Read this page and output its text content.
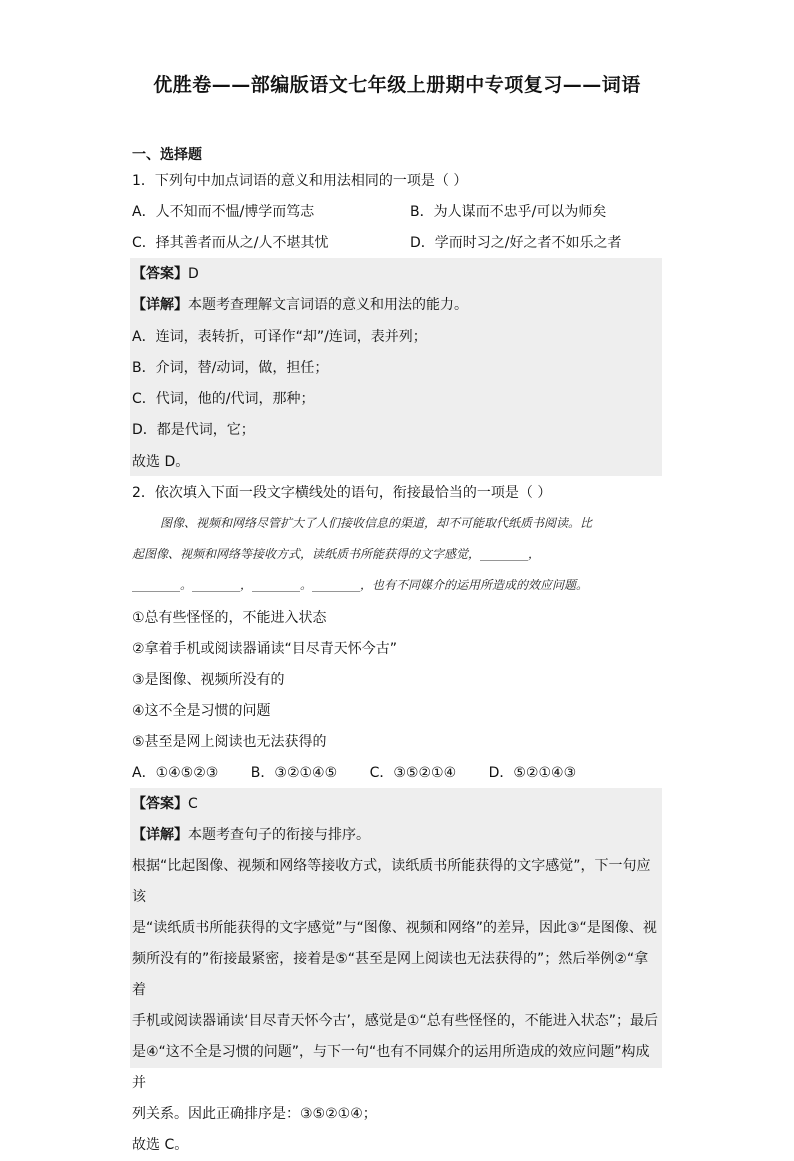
优胜卷——部编版语文七年级上册期中专项复习——词语
一、选择题
1．下列句中加点词语的意义和用法相同的一项是（ ）
A．人不知而不愠/博学而笃志	B．为人谋而不忠乎/可以为师矣
C．择其善者而从之/人不堪其忧	D．学而时习之/好之者不如乐之者
【答案】D
【详解】本题考查理解文言词语的意义和用法的能力。
A．连词，表转折，可译作“却”/连词，表并列；
B．介词，替/动词，做，担任；
C．代词，他的/代词，那种；
D．都是代词，它；
故选 D。
2．依次填入下面一段文字横线处的语句，衔接最恰当的一项是（ ）
图像、视频和网络尽管扩大了人们接收信息的渠道，却不可能取代纸质书阅读。比
起图像、视频和网络等接收方式，读纸质书所能获得的文字感觉，________，
________。________，________。________，也有不同媒介的运用所造成的效应问题。
①总有些怪怪的，不能进入状态
②拿着手机或阅读器诵读“目尽青天怀今古”
③是图像、视频所没有的
④这不全是习惯的问题
⑤甚至是网上阅读也无法获得的
A．①④⑤②③ B．③②①④⑤ C．③⑤②①④ D．⑤②①④③
【答案】C
【详解】本题考查句子的衔接与排序。
根据“比起图像、视频和网络等接收方式，读纸质书所能获得的文字感觉”，下一句应该
是“读纸质书所能获得的文字感觉”与“图像、视频和网络”的差异，因此③“是图像、视
频所没有的”衔接最紧密，接着是⑤“甚至是网上阅读也无法获得的”；然后举例②“拿着
手机或阅读器诵读‘目尽青天怀今古’，感觉是①“总有些怪怪的，不能进入状态”；最后
是④“这不全是习惯的问题”，与下一句“也有不同媒介的运用所造成的效应问题”构成并
列关系。因此正确排序是：③⑤②①④；
故选 C。
